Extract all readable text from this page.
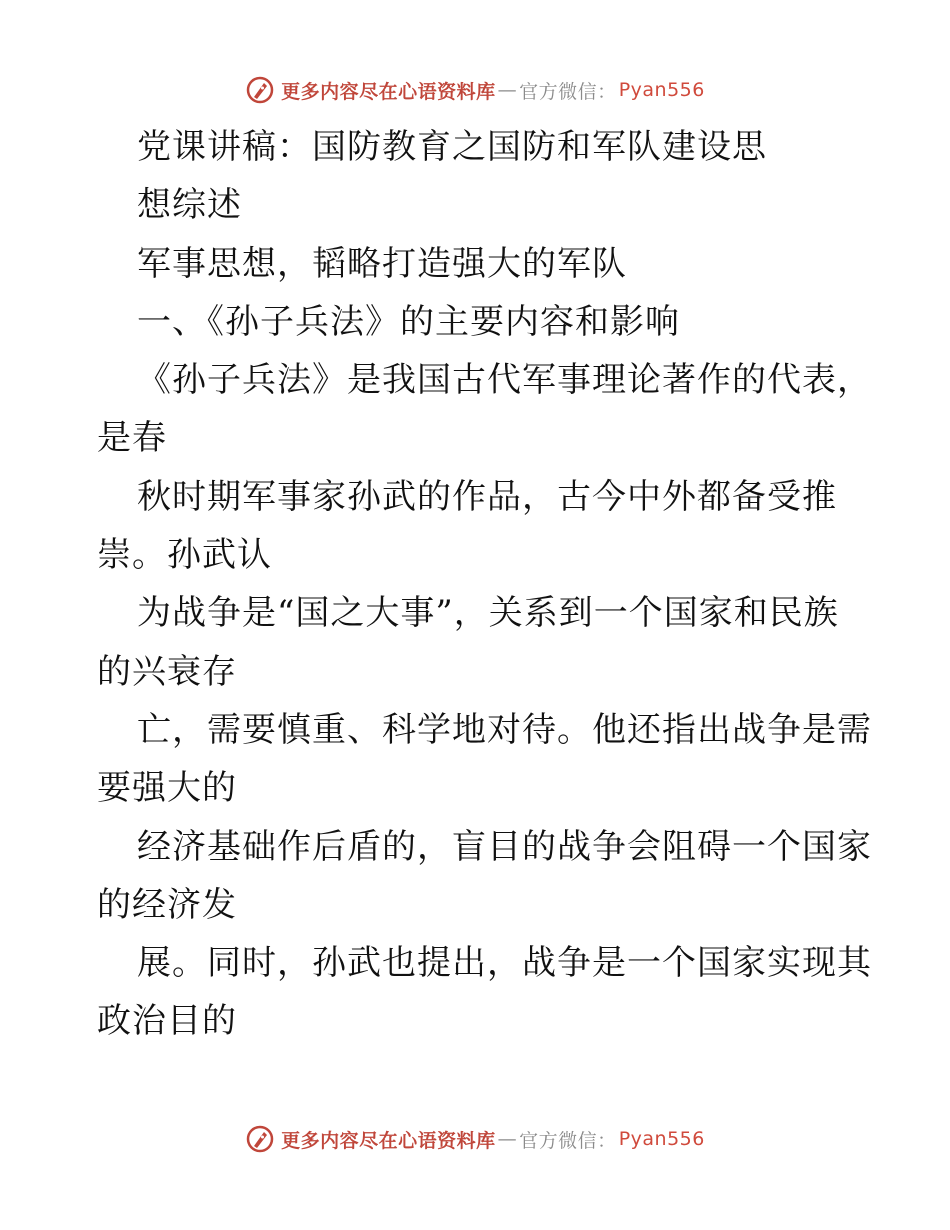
更多内容尽在心语资料库 — 官方微信： Pyan556
党课讲稿：国防教育之国防和军队建设思
想综述
军事思想，韬略打造强大的军队
一、《孙子兵法》的主要内容和影响
《孙子兵法》是我国古代军事理论著作的代表，
是春
秋时期军事家孙武的作品，古今中外都备受推
崇。孙武认
为战争是“国之大事”，关系到一个国家和民族
的兴衰存
亡，需要慎重、科学地对待。他还指出战争是需
要强大的
经济基础作后盾的，盲目的战争会阻碍一个国家
的经济发
展。同时，孙武也提出，战争是一个国家实现其
政治目的
更多内容尽在心语资料库 — 官方微信： Pyan556
